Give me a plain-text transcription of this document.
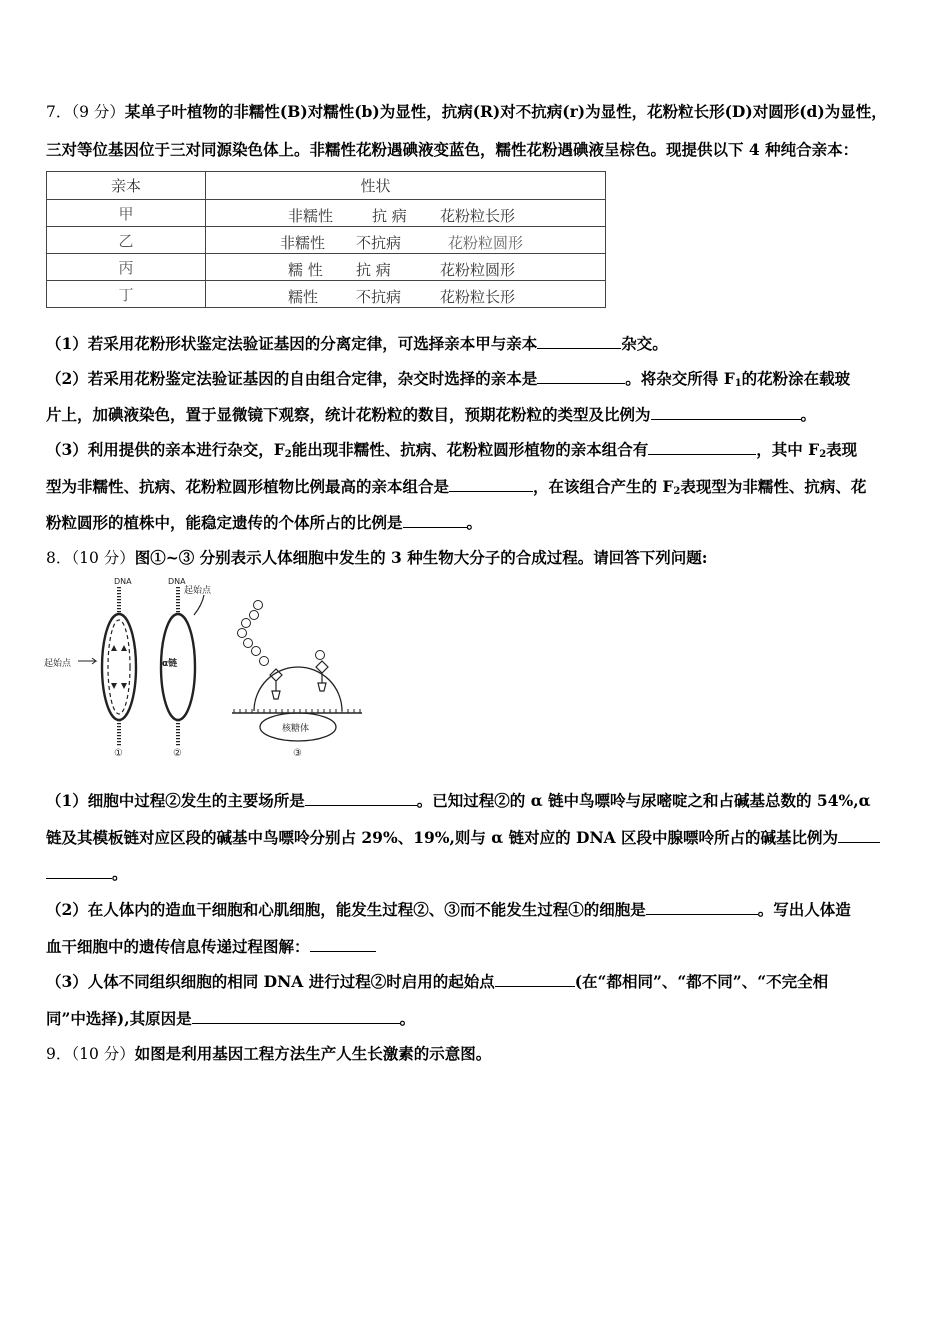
7．（9 分）某单子叶植物的非糯性(B)对糯性(b)为显性，抗病(R)对不抗病(r)为显性，花粉粒长形(D)对圆形(d)为显性，
三对等位基因位于三对同源染色体上。非糯性花粉遇碘液变蓝色，糯性花粉遇碘液呈棕色。现提供以下 4 种纯合亲本：
亲本	性状
甲	非糯性 抗 病 花粉粒长形

乙	非糯性 不抗病 花粉粒圆形

丙	糯 性 抗 病 花粉粒圆形

丁	糯性 不抗病 花粉粒长形
（1）若采用花粉形状鉴定法验证基因的分离定律，可选择亲本甲与亲本	杂交。
（2）若采用花粉鉴定法验证基因的自由组合定律，杂交时选择的亲本是	。将杂交所得 $F_1$的花粉涂在载玻
片上，加碘液染色，置于显微镜下观察，统计花粉粒的数目，预期花粉粒的类型及比例为	。
（3）利用提供的亲本进行杂交，$F_2$能出现非糯性、抗病、花粉粒圆形植物的亲本组合有	，其中 $F_2$表现
型为非糯性、抗病、花粉粒圆形植物比例最高的亲本组合是	，在该组合产生的 $F_2$表现型为非糯性、抗病、花
粉粒圆形的植株中，能稳定遗传的个体所占的比例是	。
8．（10 分）图①~③ 分别表示人体细胞中发生的 3 种生物大分子的合成过程。请回答下列问题:
DNA
起始点
①
DNA
起始点
α链
②
核糖体
③
（1）细胞中过程②发生的主要场所是	。已知过程②的 α 链中鸟嘌呤与尿嘧啶之和占碱基总数的 54%,α
链及其模板链对应区段的碱基中鸟嘌呤分别占 29%、19%,则与 α 链对应的 DNA 区段中腺嘌呤所占的碱基比例为
。
（2）在人体内的造血干细胞和心肌细胞，能发生过程②、③而不能发生过程①的细胞是	。写出人体造
血干细胞中的遗传信息传递过程图解：
（3）人体不同组织细胞的相同 DNA 进行过程②时启用的起始点	(在“都相同”、“都不同”、“不完全相
同”中选择),其原因是	。
9．（10 分）如图是利用基因工程方法生产人生长激素的示意图。
